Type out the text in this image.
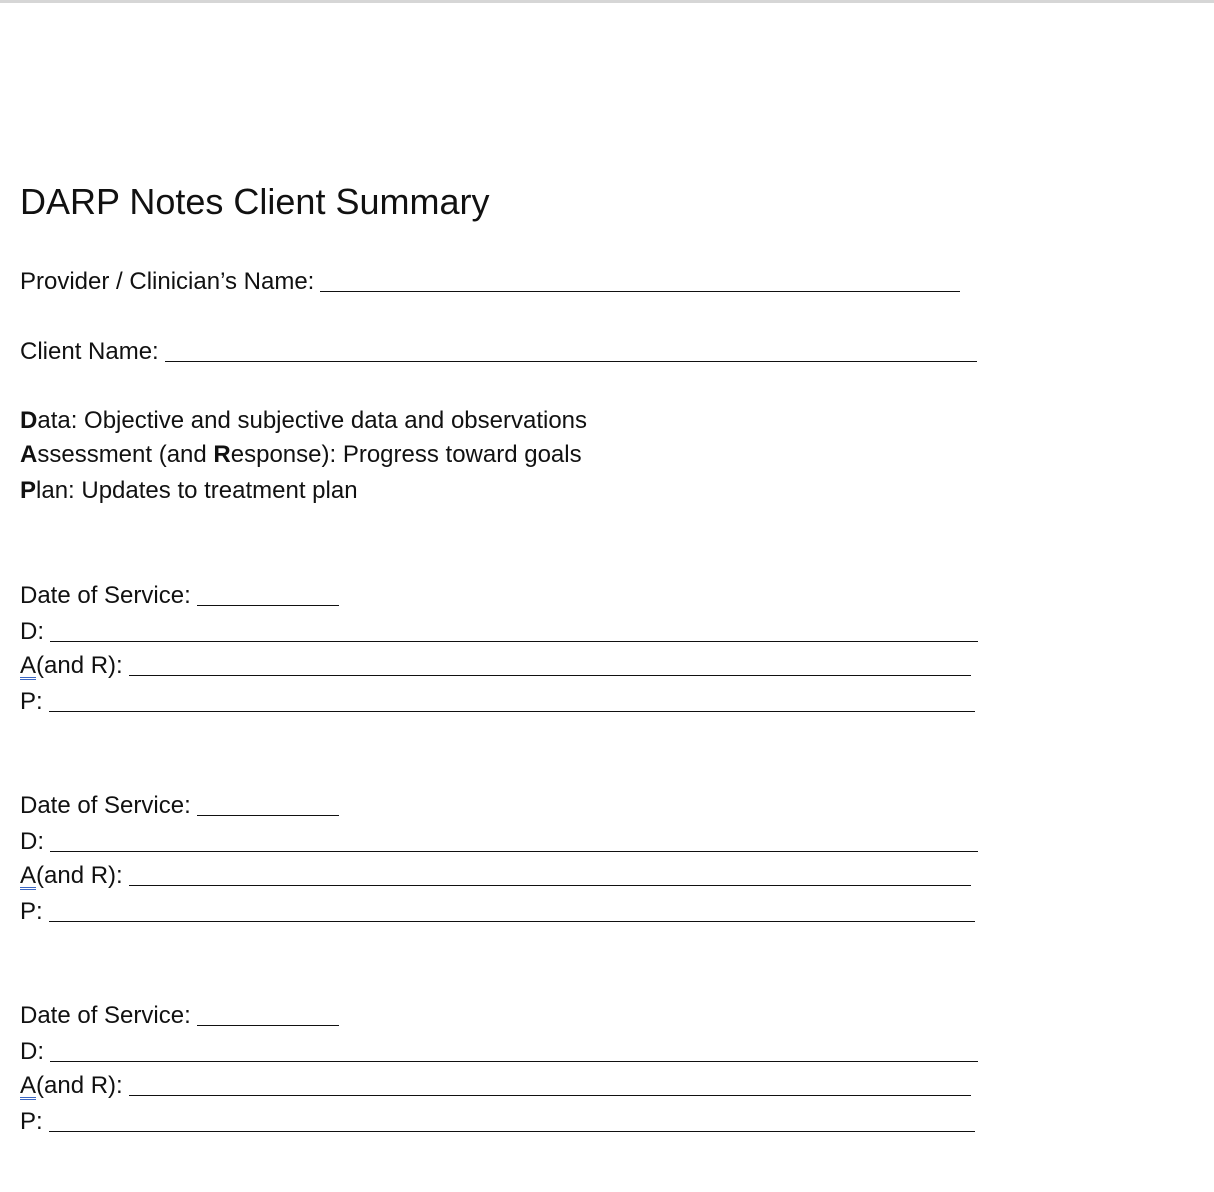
DARP Notes Client Summary
Provider / Clinician’s Name:
Client Name:
Data: Objective and subjective data and observations
Assessment (and Response): Progress toward goals
Plan: Updates to treatment plan
Date of Service:
D:
A(and R):
P:
Date of Service:
D:
A(and R):
P:
Date of Service:
D:
A(and R):
P:
